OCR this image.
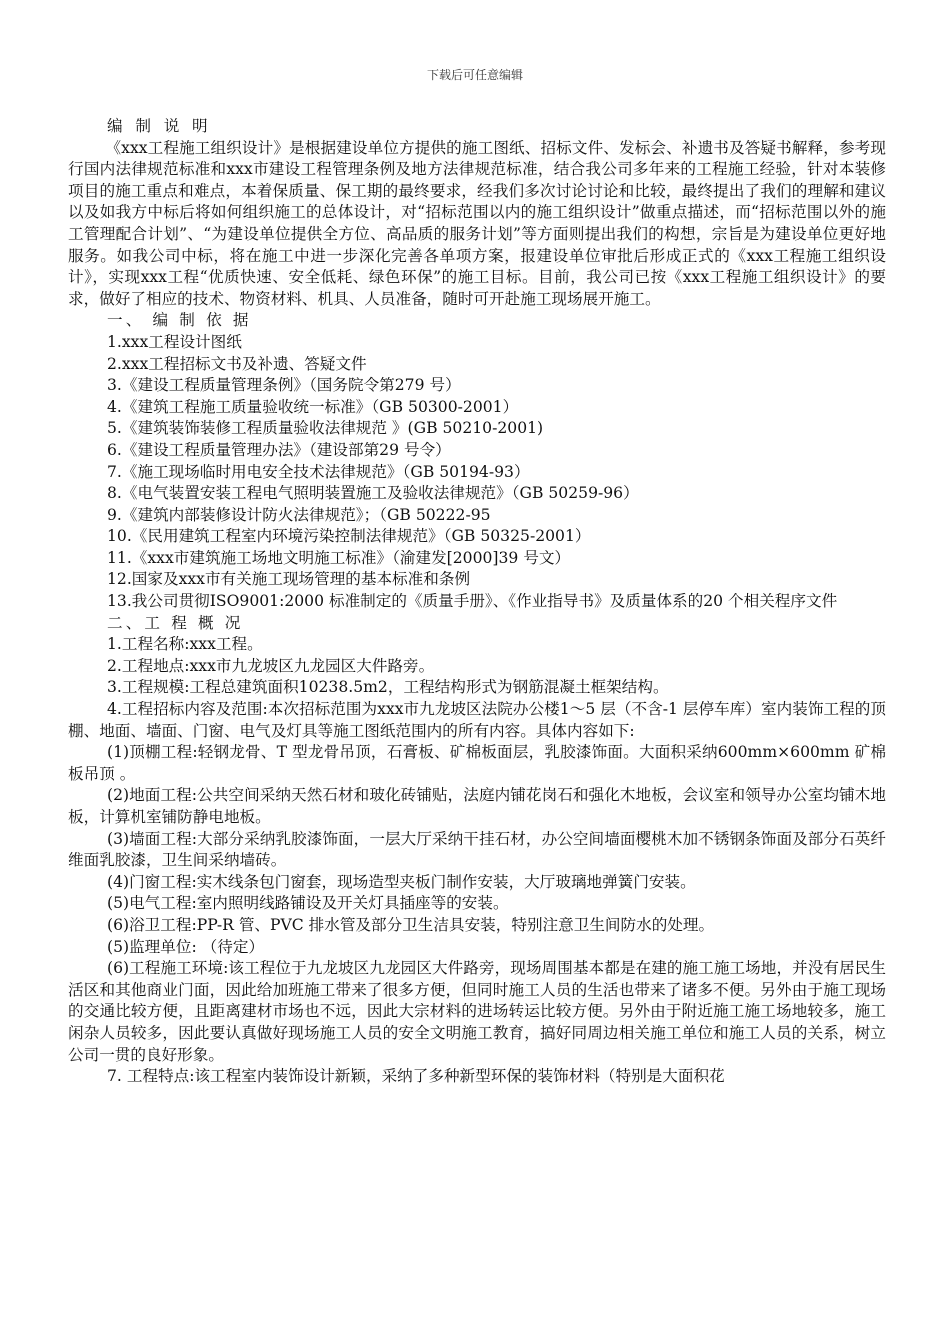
下载后可任意编辑

编 制 说 明

《xxx工程施工组织设计》是根据建设单位方提供的施工图纸、招标文件、发标会、补遗书及答疑书解释，参考现行国内法律规范标准和xxx市建设工程管理条例及地方法律规范标准，结合我公司多年来的工程施工经验，针对本装修项目的施工重点和难点，本着保质量、保工期的最终要求，经我们多次讨论讨论和比较，最终提出了我们的理解和建议以及如我方中标后将如何组织施工的总体设计，对“招标范围以内的施工组织设计”做重点描述，而“招标范围以外的施工管理配合计划”、“为建设单位提供全方位、高品质的服务计划”等方面则提出我们的构想，宗旨是为建设单位更好地服务。如我公司中标，将在施工中进一步深化完善各单项方案，报建设单位审批后形成正式的《xxx工程施工组织设计》，实现xxx工程“优质快速、安全低耗、绿色环保”的施工目标。目前，我公司已按《xxx工程施工组织设计》的要求，做好了相应的技术、物资材料、机具、人员准备，随时可开赴施工现场展开施工。

一、 编 制 依 据

1.xxx工程设计图纸

2.xxx工程招标文书及补遗、答疑文件

3.《建设工程质量管理条例》（国务院令第279 号）

4.《建筑工程施工质量验收统一标准》（GB 50300-2001）

5.《建筑装饰装修工程质量验收法律规范 》(GB 50210-2001)

6.《建设工程质量管理办法》（建设部第29 号令）

7.《施工现场临时用电安全技术法律规范》（GB 50194-93）

8.《电气装置安装工程电气照明装置施工及验收法律规范》（GB 50259-96）

9.《建筑内部装修设计防火法律规范》；（GB 50222-95

10.《民用建筑工程室内环境污染控制法律规范》（GB 50325-2001）

11.《xxx市建筑施工场地文明施工标准》（渝建发[2000]39 号文）

12.国家及xxx市有关施工现场管理的基本标准和条例

13.我公司贯彻ISO9001:2000 标准制定的《质量手册》、《作业指导书》及质量体系的20 个相关程序文件

二、工 程 概 况

1.工程名称:xxx工程。

2.工程地点:xxx市九龙坡区九龙园区大件路旁。

3.工程规模:工程总建筑面积10238.5m2，工程结构形式为钢筋混凝土框架结构。

4.工程招标内容及范围:本次招标范围为xxx市九龙坡区法院办公楼1～5 层（不含-1 层停车库）室内装饰工程的顶棚、地面、墙面、门窗、电气及灯具等施工图纸范围内的所有内容。具体内容如下:

(1)顶棚工程:轻钢龙骨、T 型龙骨吊顶，石膏板、矿棉板面层，乳胶漆饰面。大面积采纳600mm×600mm 矿棉板吊顶 。

(2)地面工程:公共空间采纳天然石材和玻化砖铺贴，法庭内铺花岗石和强化木地板，会议室和领导办公室均铺木地板，计算机室铺防静电地板。

(3)墙面工程:大部分采纳乳胶漆饰面，一层大厅采纳干挂石材，办公空间墙面樱桃木加不锈钢条饰面及部分石英纤维面乳胶漆，卫生间采纳墙砖。

(4)门窗工程:实木线条包门窗套，现场造型夹板门制作安装，大厅玻璃地弹簧门安装。

(5)电气工程:室内照明线路铺设及开关灯具插座等的安装。

(6)浴卫工程:PP-R 管、PVC 排水管及部分卫生洁具安装，特别注意卫生间防水的处理。

(5)监理单位: （待定）

(6)工程施工环境:该工程位于九龙坡区九龙园区大件路旁，现场周围基本都是在建的施工施工场地，并没有居民生活区和其他商业门面，因此给加班施工带来了很多方便，但同时施工人员的生活也带来了诸多不便。另外由于施工现场的交通比较方便，且距离建材市场也不远，因此大宗材料的进场转运比较方便。另外由于附近施工施工场地较多，施工闲杂人员较多，因此要认真做好现场施工人员的安全文明施工教育，搞好同周边相关施工单位和施工人员的关系，树立公司一贯的良好形象。

7. 工程特点:该工程室内装饰设计新颖，采纳了多种新型环保的装饰材料（特别是大面积花
